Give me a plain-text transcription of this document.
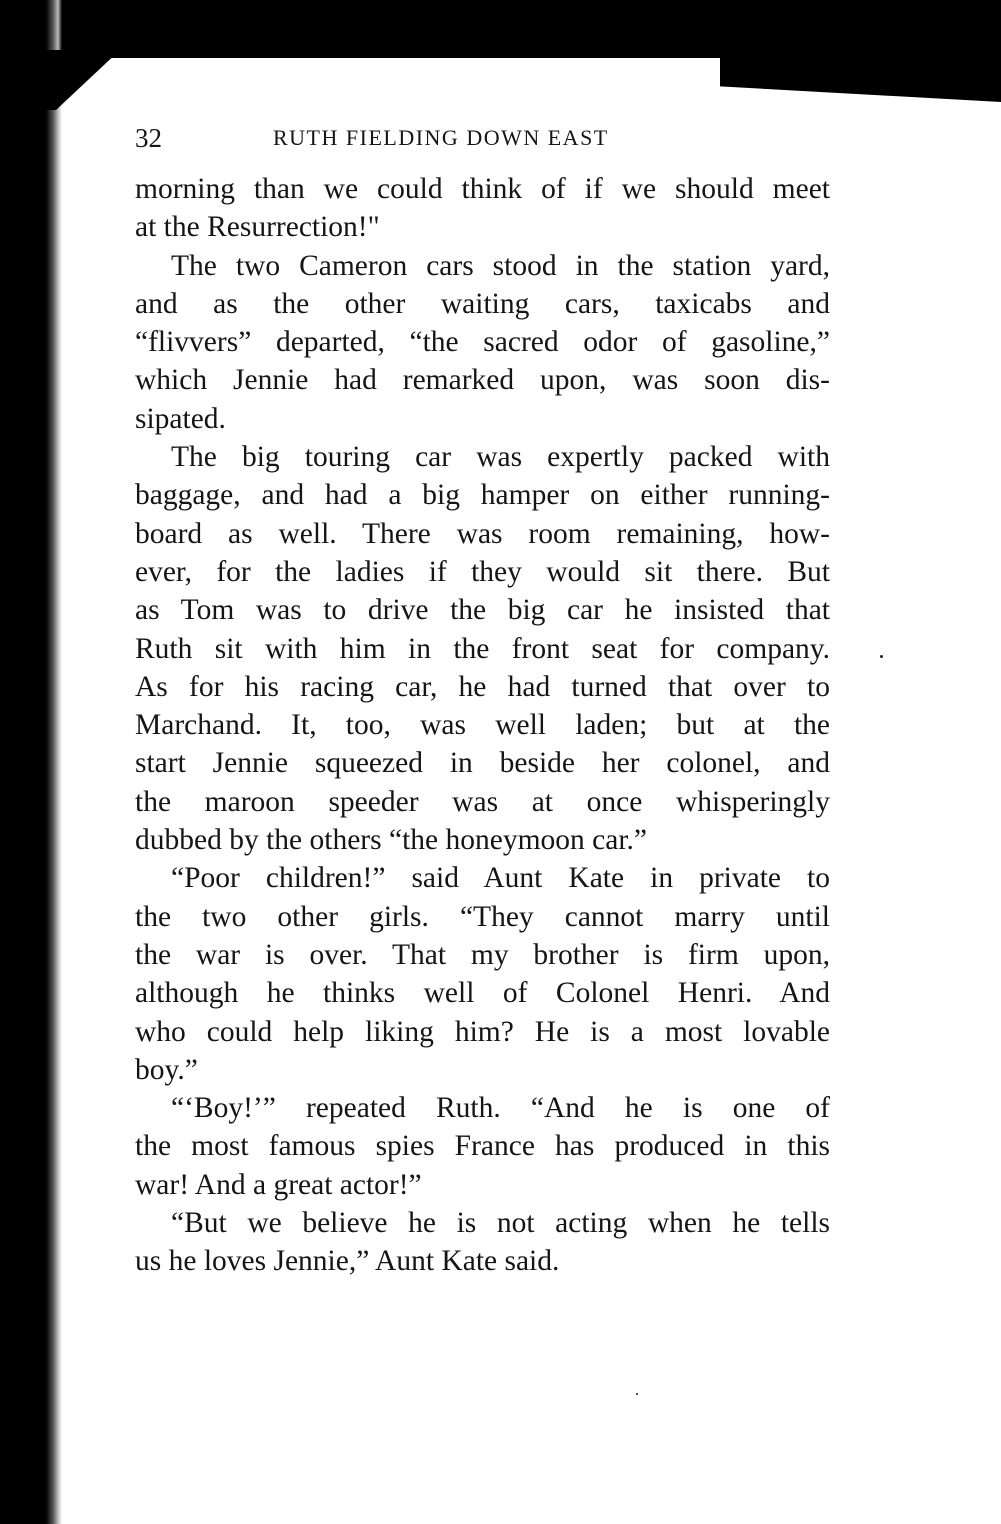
32	RUTH FIELDING DOWN EAST
morning than we could think of if we should meet
at the Resurrection!"
The two Cameron cars stood in the station yard,
and as the other waiting cars, taxicabs and
“flivvers” departed, “the sacred odor of gasoline,”
which Jennie had remarked upon, was soon dis-
sipated.
The big touring car was expertly packed with
baggage, and had a big hamper on either running-
board as well. There was room remaining, how-
ever, for the ladies if they would sit there. But
as Tom was to drive the big car he insisted that
Ruth sit with him in the front seat for company.
As for his racing car, he had turned that over to
Marchand. It, too, was well laden; but at the
start Jennie squeezed in beside her colonel, and
the maroon speeder was at once whisperingly
dubbed by the others “the honeymoon car.”
“Poor children!” said Aunt Kate in private to
the two other girls. “They cannot marry until
the war is over. That my brother is firm upon,
although he thinks well of Colonel Henri. And
who could help liking him? He is a most lovable
boy.”
“‘Boy!’” repeated Ruth. “And he is one of
the most famous spies France has produced in this
war! And a great actor!”
“But we believe he is not acting when he tells
us he loves Jennie,” Aunt Kate said.
